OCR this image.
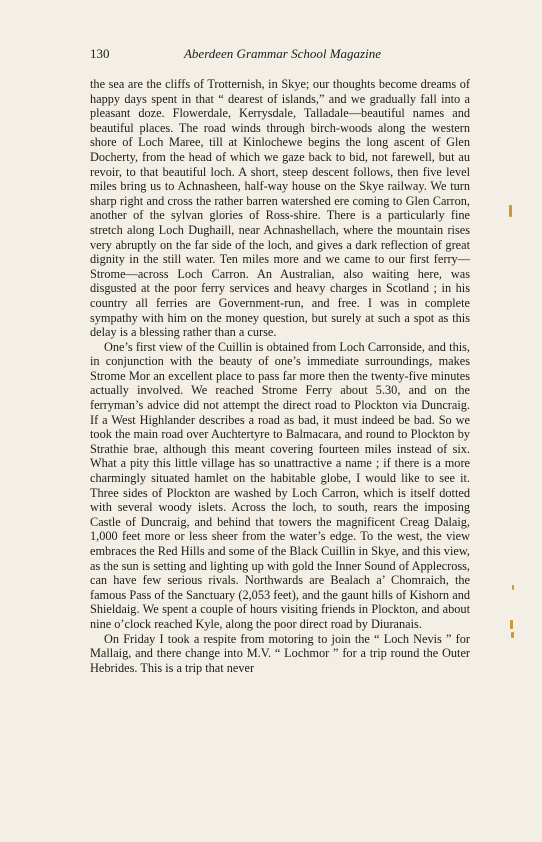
130	Aberdeen Grammar School Magazine

the sea are the cliffs of Trotternish, in Skye; our thoughts become dreams of happy days spent in that “ dearest of islands,” and we gradually fall into a pleasant doze. Flowerdale, Kerrysdale, Talladale—beautiful names and beautiful places. The road winds through birch-woods along the western shore of Loch Maree, till at Kinlochewe begins the long ascent of Glen Docherty, from the head of which we gaze back to bid, not farewell, but au revoir, to that beautiful loch. A short, steep descent follows, then five level miles bring us to Achnasheen, half-way house on the Skye railway. We turn sharp right and cross the rather barren watershed ere coming to Glen Carron, another of the sylvan glories of Ross-shire. There is a particularly fine stretch along Loch Dughaill, near Achnashellach, where the mountain rises very abruptly on the far side of the loch, and gives a dark reflection of great dignity in the still water. Ten miles more and we came to our first ferry—Strome—across Loch Carron. An Australian, also waiting here, was disgusted at the poor ferry services and heavy charges in Scotland ; in his country all ferries are Government-run, and free. I was in complete sympathy with him on the money question, but surely at such a spot as this delay is a blessing rather than a curse.

One’s first view of the Cuillin is obtained from Loch Carronside, and this, in conjunction with the beauty of one’s immediate surroundings, makes Strome Mor an excellent place to pass far more then the twenty-five minutes actually involved. We reached Strome Ferry about 5.30, and on the ferryman’s advice did not attempt the direct road to Plockton via Duncraig. If a West Highlander describes a road as bad, it must indeed be bad. So we took the main road over Auchtertyre to Balmacara, and round to Plockton by Strathie brae, although this meant covering fourteen miles instead of six. What a pity this little village has so unattractive a name ; if there is a more charmingly situated hamlet on the habitable globe, I would like to see it. Three sides of Plockton are washed by Loch Carron, which is itself dotted with several woody islets. Across the loch, to south, rears the imposing Castle of Duncraig, and behind that towers the magnificent Creag Dalaig, 1,000 feet more or less sheer from the water’s edge. To the west, the view embraces the Red Hills and some of the Black Cuillin in Skye, and this view, as the sun is setting and lighting up with gold the Inner Sound of Applecross, can have few serious rivals. Northwards are Bealach a’ Chomraich, the famous Pass of the Sanctuary (2,053 feet), and the gaunt hills of Kishorn and Shieldaig. We spent a couple of hours visiting friends in Plockton, and about nine o’clock reached Kyle, along the poor direct road by Diuranais.

On Friday I took a respite from motoring to join the “ Loch Nevis ” for Mallaig, and there change into M.V. “ Lochmor ” for a trip round the Outer Hebrides. This is a trip that never
